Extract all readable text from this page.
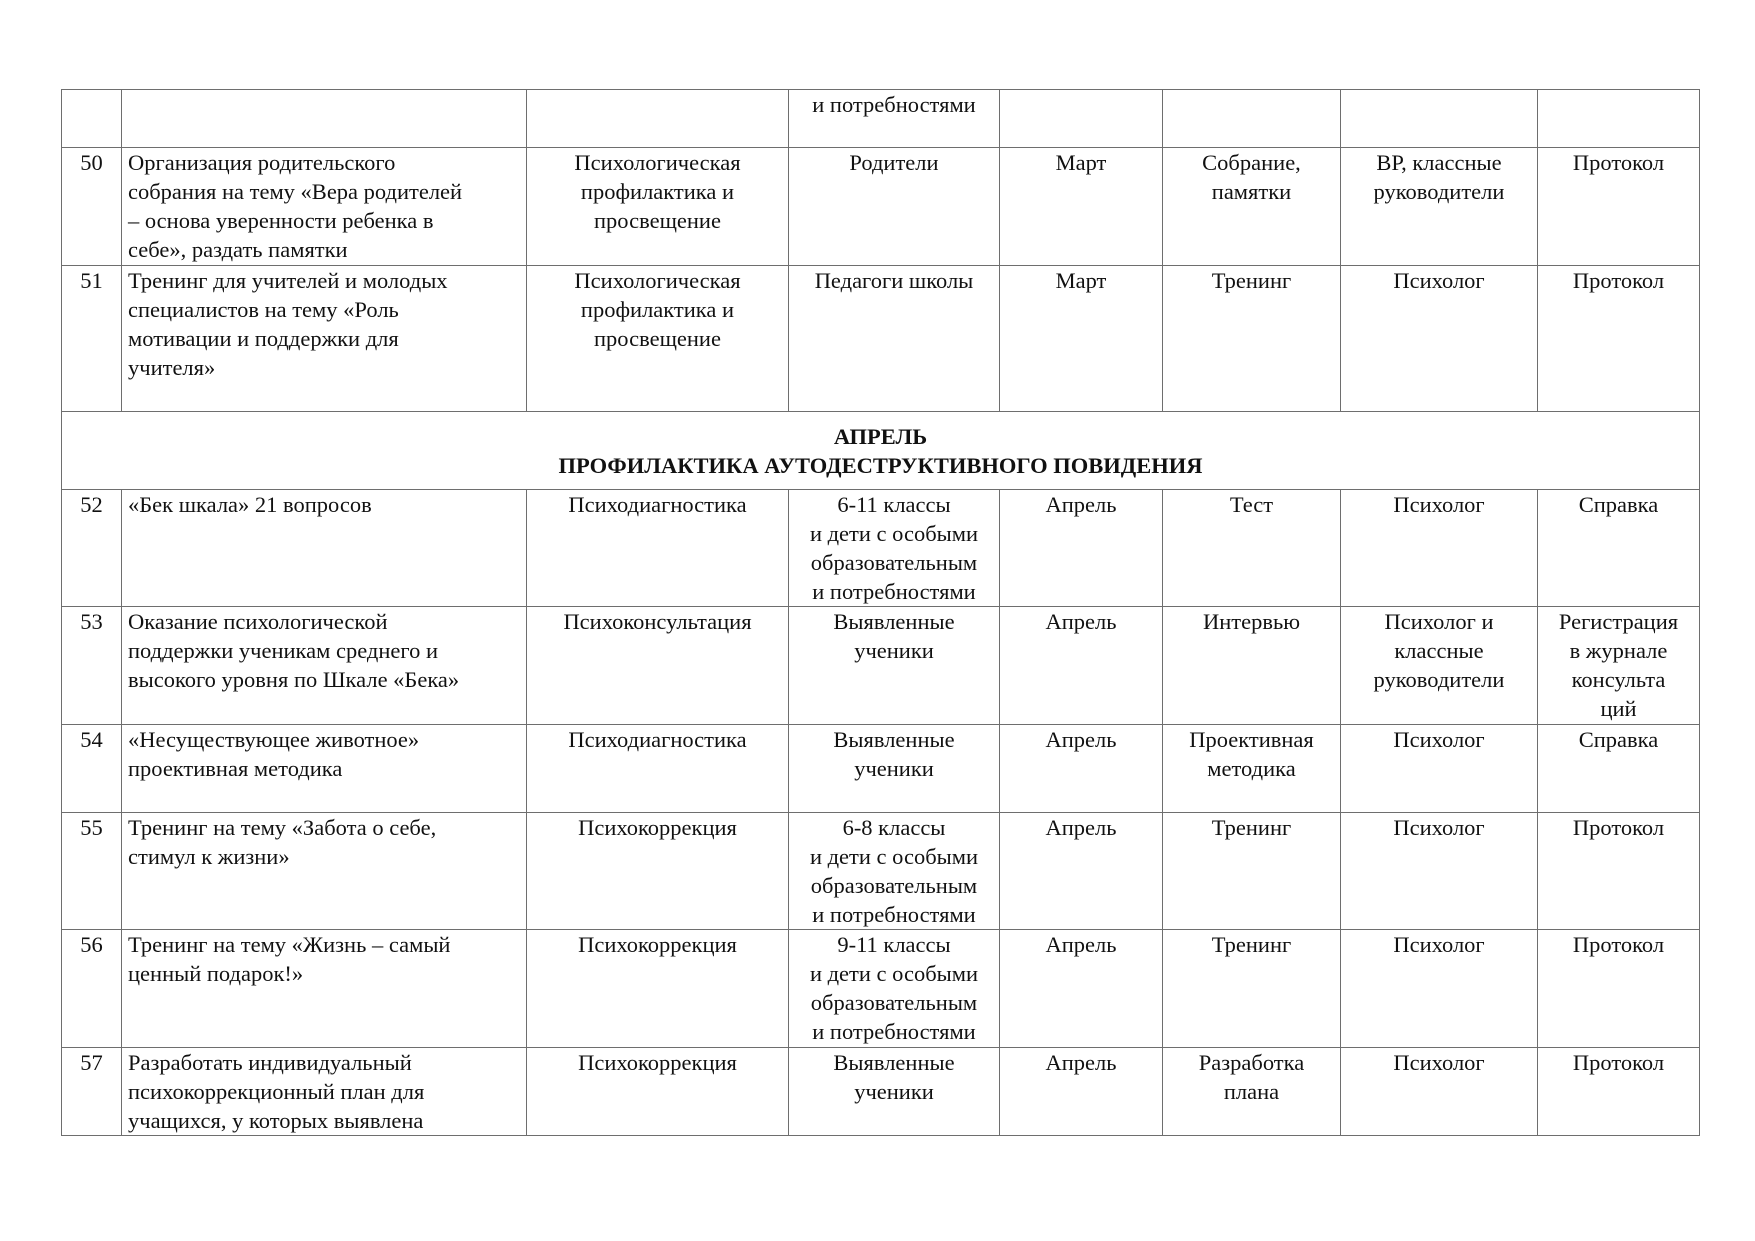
			и потребностями				

50	Организация родительского
собрания на тему «Вера родителей
– основа уверенности ребенка в
себе», раздать памятки	Психологическая
профилактика и
просвещение	Родители	Март	Собрание,
памятки	ВР, классные
руководители	Протокол

51	Тренинг для учителей и молодых
специалистов на тему «Роль
мотивации и поддержки для
учителя»	Психологическая
профилактика и
просвещение	Педагоги школы	Март	Тренинг	Психолог	Протокол

АПРЕЛЬ
ПРОФИЛАКТИКА АУТОДЕСТРУКТИВНОГО ПОВИДЕНИЯ							

52	«Бек шкала» 21 вопросов	Психодиагностика	6-11 классы
и дети с особыми
образовательным
и потребностями	Апрель	Тест	Психолог	Справка

53	Оказание психологической
поддержки ученикам среднего и
высокого уровня по Шкале «Бека»	Психоконсультация	Выявленные
ученики	Апрель	Интервью	Психолог и
классные
руководители	Регистрация
в журнале
консульта
ций

54	«Несуществующее животное»
проективная методика	Психодиагностика	Выявленные
ученики	Апрель	Проективная
методика	Психолог	Справка

55	Тренинг на тему «Забота о себе,
стимул к жизни»	Психокоррекция	6-8 классы
и дети с особыми
образовательным
и потребностями	Апрель	Тренинг	Психолог	Протокол

56	Тренинг на тему «Жизнь – самый
ценный подарок!»	Психокоррекция	9-11 классы
и дети с особыми
образовательным
и потребностями	Апрель	Тренинг	Психолог	Протокол

57	Разработать индивидуальный
психокоррекционный план для
учащихся, у которых выявлена	Психокоррекция	Выявленные
ученики	Апрель	Разработка
плана	Психолог	Протокол
